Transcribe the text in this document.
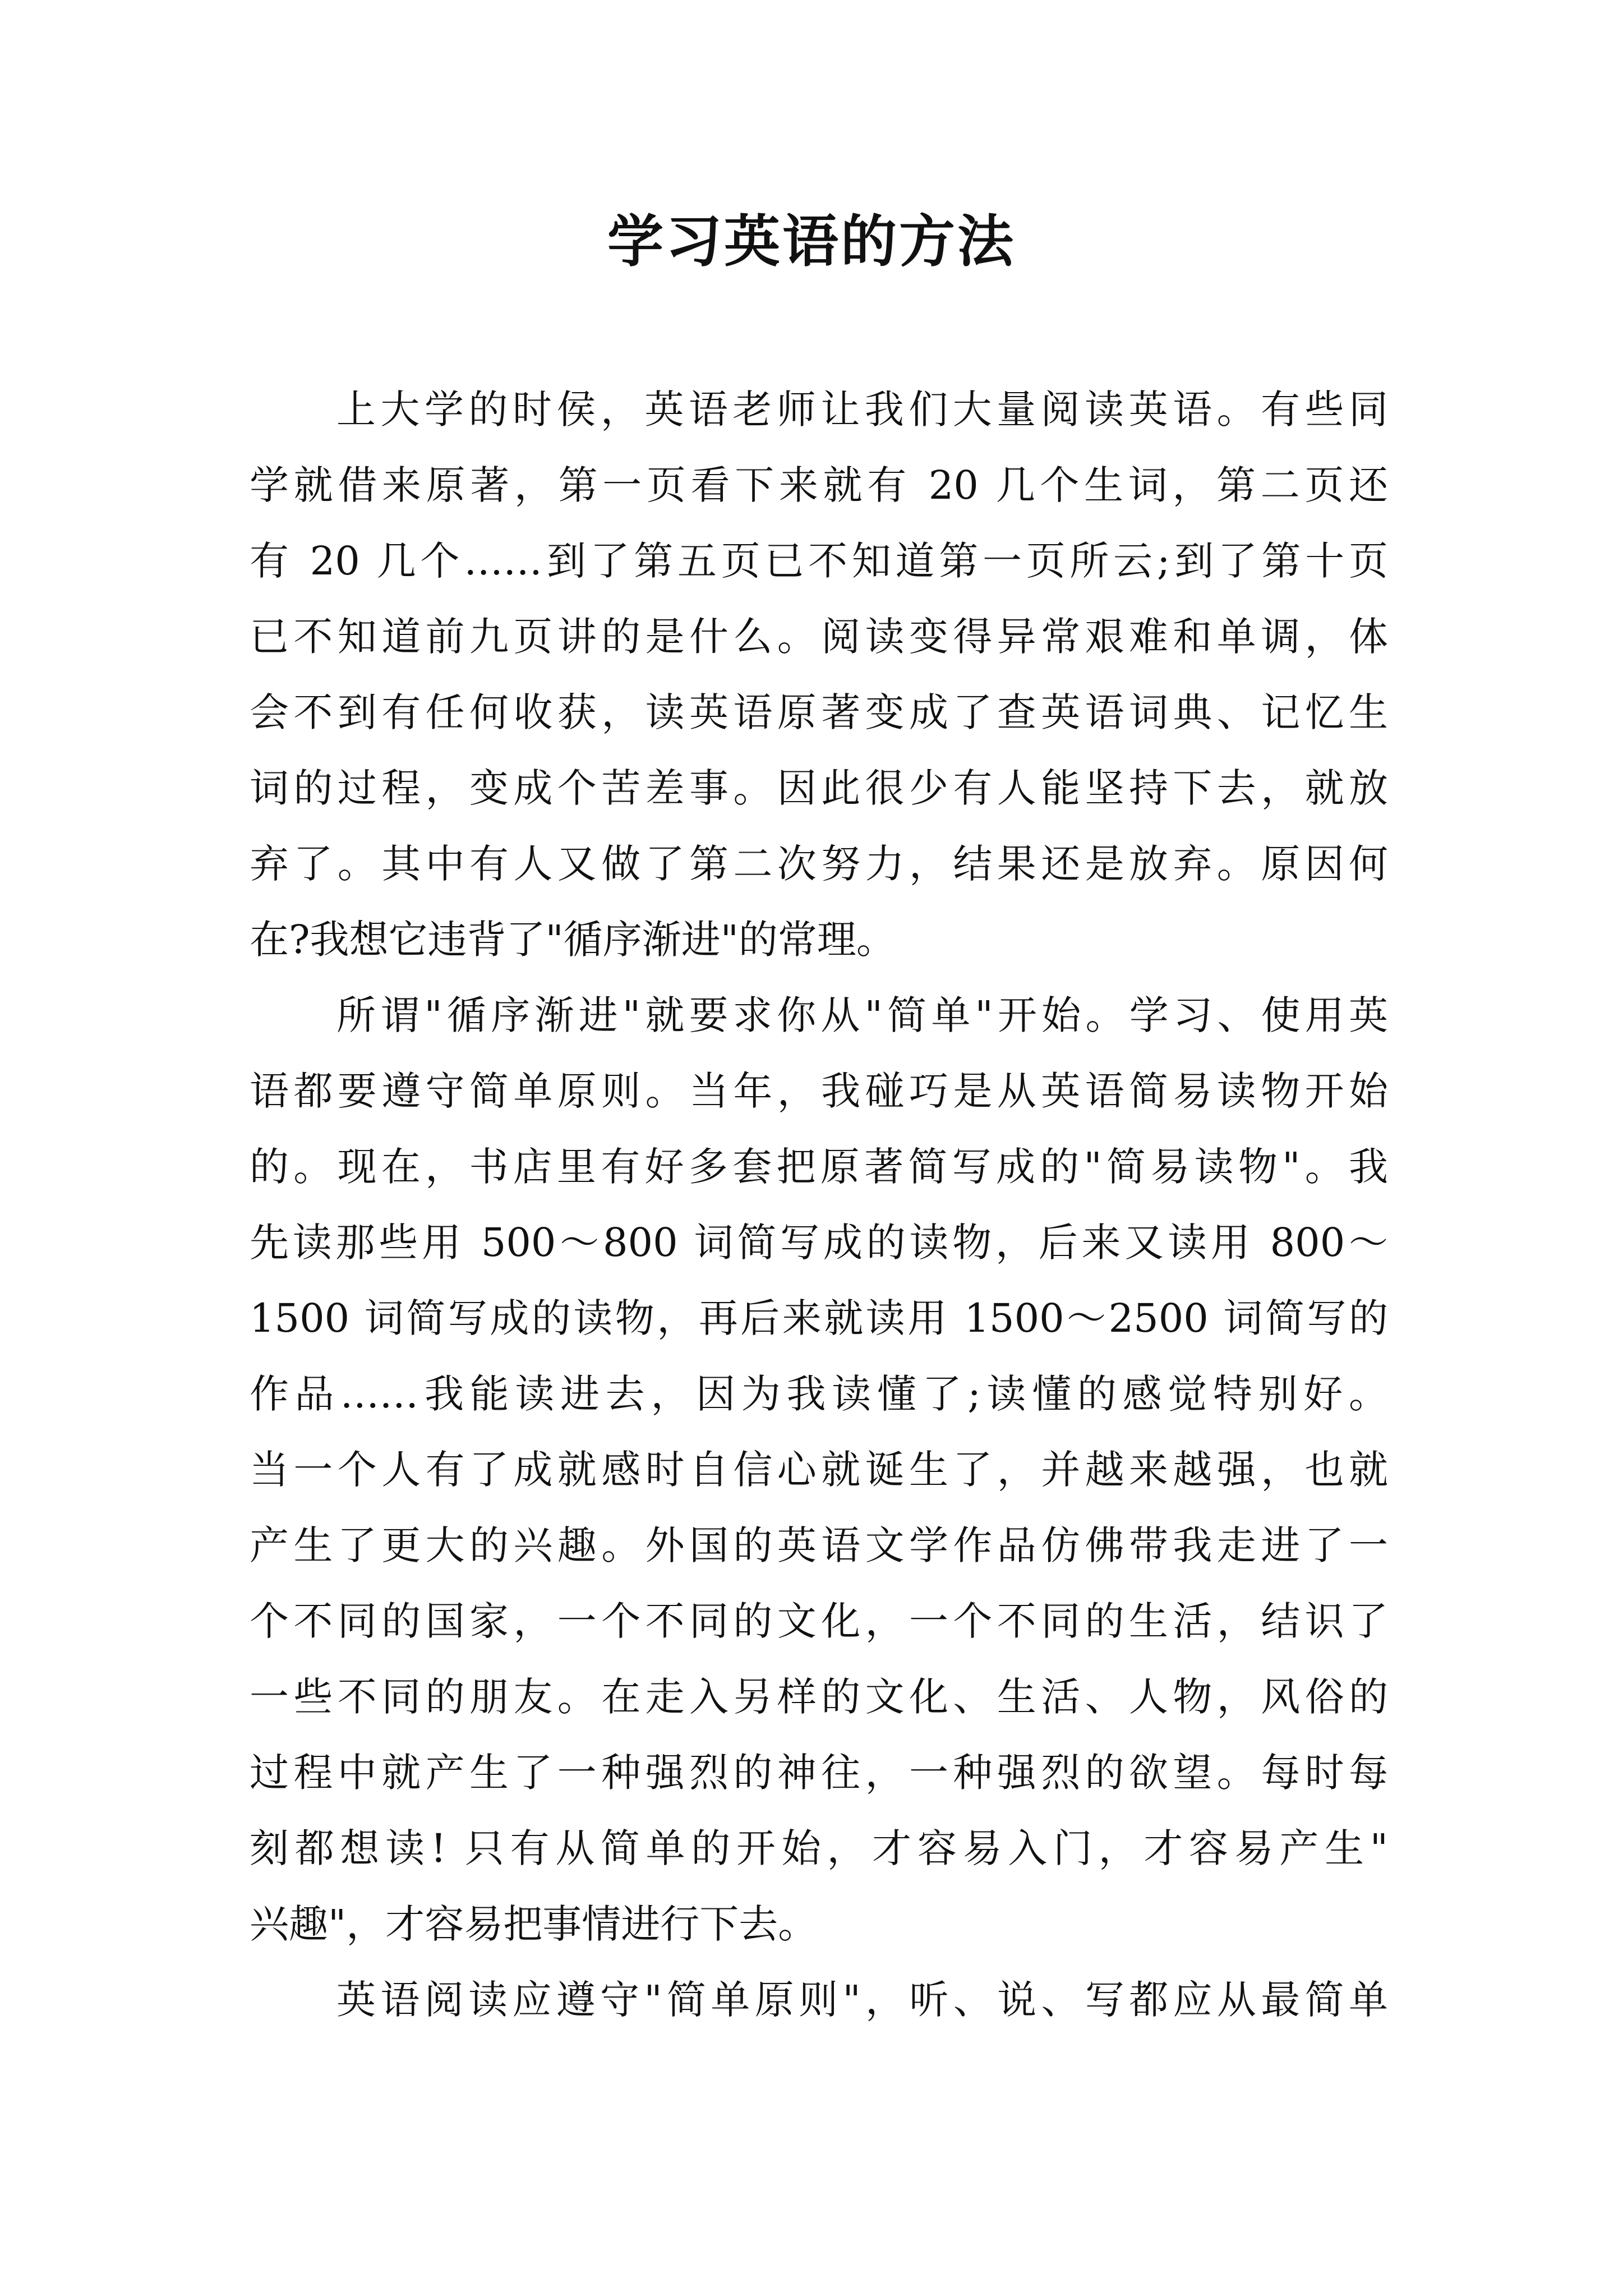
学习英语的方法

上大学的时侯，英语老师让我们大量阅读英语。有些同

学就借来原著，第一页看下来就有 20 几个生词，第二页还

有 20 几个……到了第五页已不知道第一页所云;到了第十页

已不知道前九页讲的是什么。阅读变得异常艰难和单调，体

会不到有任何收获，读英语原著变成了查英语词典、记忆生

词的过程，变成个苦差事。因此很少有人能坚持下去，就放

弃了。其中有人又做了第二次努力，结果还是放弃。原因何

在?我想它违背了"循序渐进"的常理。

所谓"循序渐进"就要求你从"简单"开始。学习、使用英

语都要遵守简单原则。当年，我碰巧是从英语简易读物开始

的。现在，书店里有好多套把原著简写成的"简易读物"。我

先读那些用 500～800 词简写成的读物，后来又读用 800～

1500 词简写成的读物，再后来就读用 1500～2500 词简写的

作品……我能读进去，因为我读懂了;读懂的感觉特别好。

当一个人有了成就感时自信心就诞生了，并越来越强，也就

产生了更大的兴趣。外国的英语文学作品仿佛带我走进了一

个不同的国家，一个不同的文化，一个不同的生活，结识了

一些不同的朋友。在走入另样的文化、生活、人物，风俗的

过程中就产生了一种强烈的神往，一种强烈的欲望。每时每

刻都想读! 只有从简单的开始，才容易入门，才容易产生"

兴趣"，才容易把事情进行下去。

英语阅读应遵守"简单原则"，听、说、写都应从最简单
